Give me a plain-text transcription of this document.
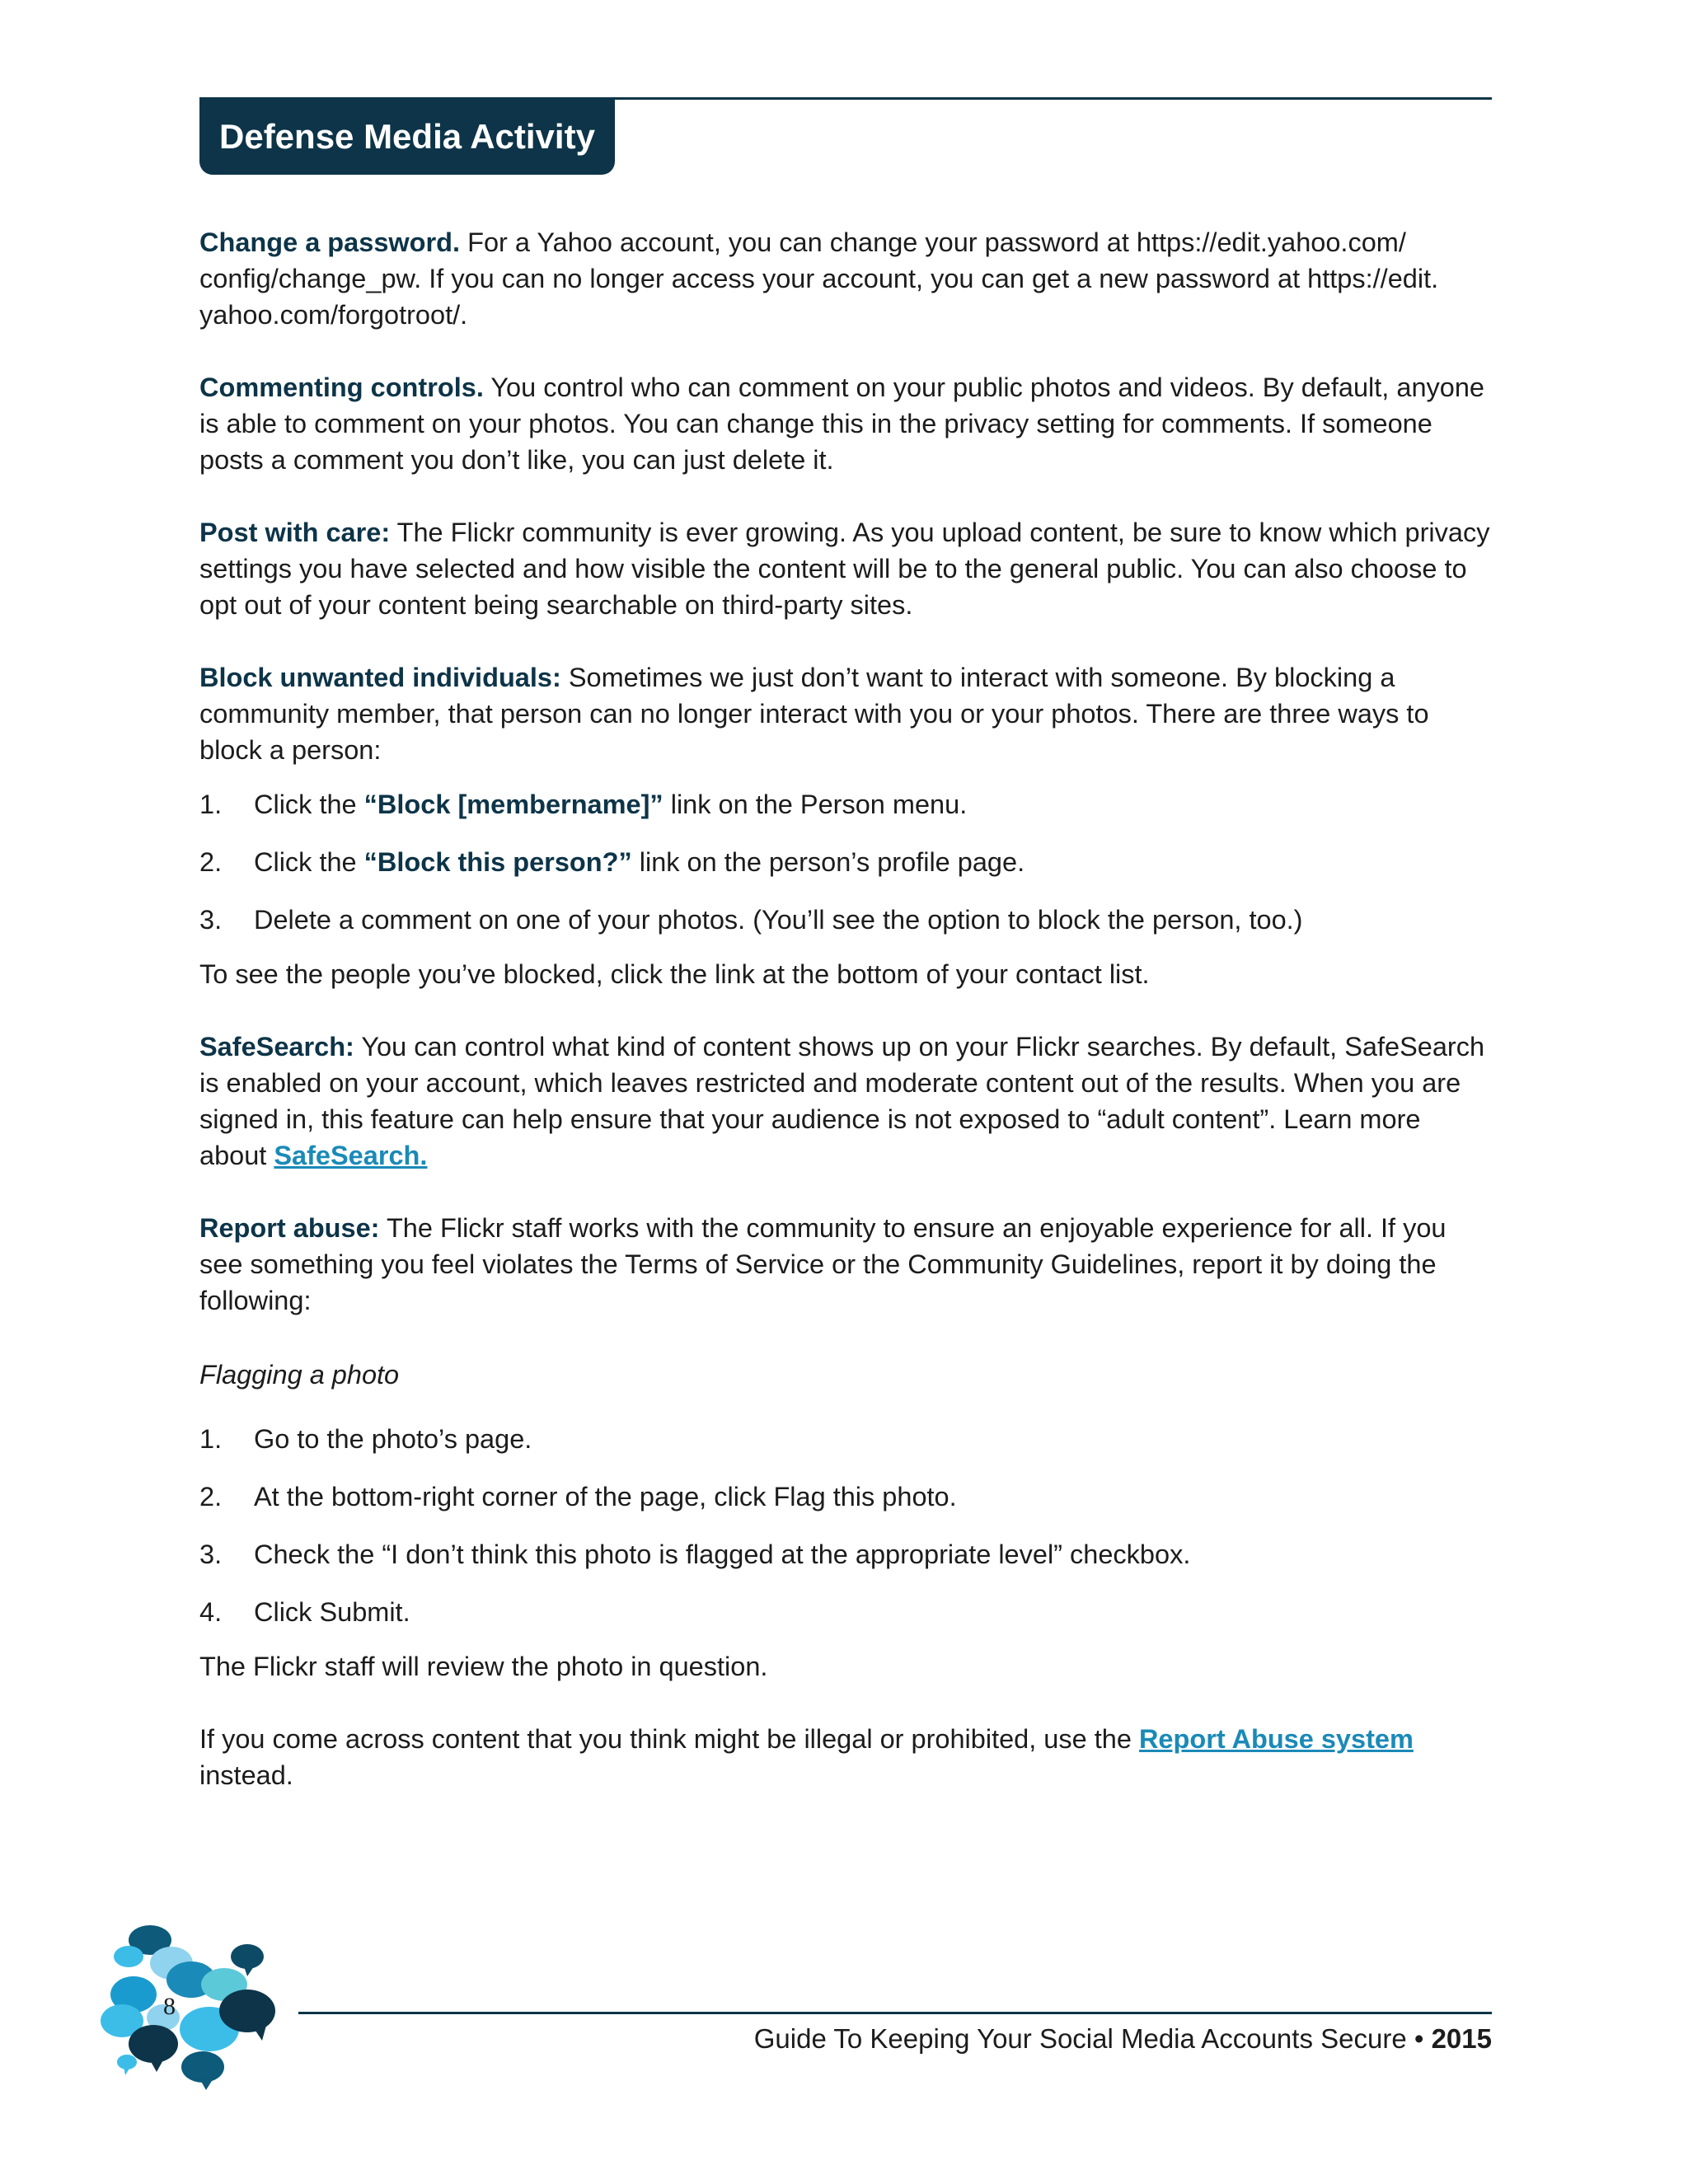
Defense Media Activity

Change a password. For a Yahoo account, you can change your password at https://edit.yahoo.com/​config/change_pw. If you can no longer access your account, you can get a new password at https://edit.​yahoo.com/forgotroot/.

Commenting controls. You control who can comment on your public photos and videos. By default, anyone is able to comment on your photos. You can change this in the privacy setting for comments. If someone posts a comment you don’t like, you can just delete it.

Post with care: The Flickr community is ever growing. As you upload content, be sure to know which privacy settings you have selected and how visible the content will be to the general public. You can also choose to opt out of your content being searchable on third-party sites.

Block unwanted individuals: Sometimes we just don’t want to interact with someone. By blocking a community member, that person can no longer interact with you or your photos. There are three ways to block a person:

1.	Click the “Block [membername]” link on the Person menu.
2.	Click the “Block this person?” link on the person’s profile page.
3.	Delete a comment on one of your photos. (You’ll see the option to block the person, too.)

To see the people you’ve blocked, click the link at the bottom of your contact list.

SafeSearch: You can control what kind of content shows up on your Flickr searches. By default, SafeSearch is enabled on your account, which leaves restricted and moderate content out of the results. When you are signed in, this feature can help ensure that your audience is not exposed to “adult content”. Learn more about SafeSearch.

Report abuse: The Flickr staff works with the community to ensure an enjoyable experience for all. If you see something you feel violates the Terms of Service or the Community Guidelines, report it by doing the following:

Flagging a photo

1.	Go to the photo’s page.
2.	At the bottom-right corner of the page, click Flag this photo.
3.	Check the “I don’t think this photo is flagged at the appropriate level” checkbox.
4.	Click Submit.

The Flickr staff will review the photo in question.

If you come across content that you think might be illegal or prohibited, use the Report Abuse system instead.

8
Guide To Keeping Your Social Media Accounts Secure • 2015
